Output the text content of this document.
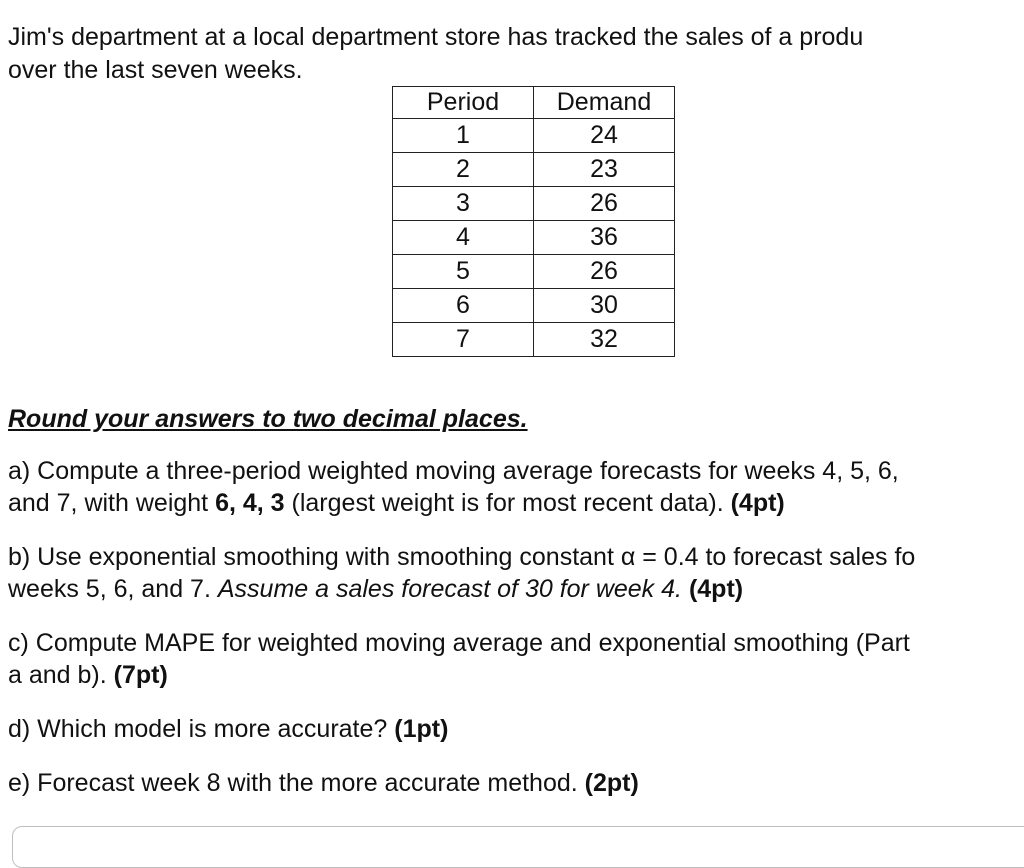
Jim's department at a local department store has tracked the sales of a produ
over the last seven weeks.
Period	Demand
1	24
2	23
3	26
4	36
5	26
6	30
7	32
Round your answers to two decimal places.
a) Compute a three-period weighted moving average forecasts for weeks 4, 5, 6,
and 7, with weight 6, 4, 3 (largest weight is for most recent data). (4pt)
b) Use exponential smoothing with smoothing constant α = 0.4 to forecast sales fo
weeks 5, 6, and 7. Assume a sales forecast of 30 for week 4. (4pt)
c) Compute MAPE for weighted moving average and exponential smoothing (Part
a and b). (7pt)
d) Which model is more accurate? (1pt)
e) Forecast week 8 with the more accurate method. (2pt)
